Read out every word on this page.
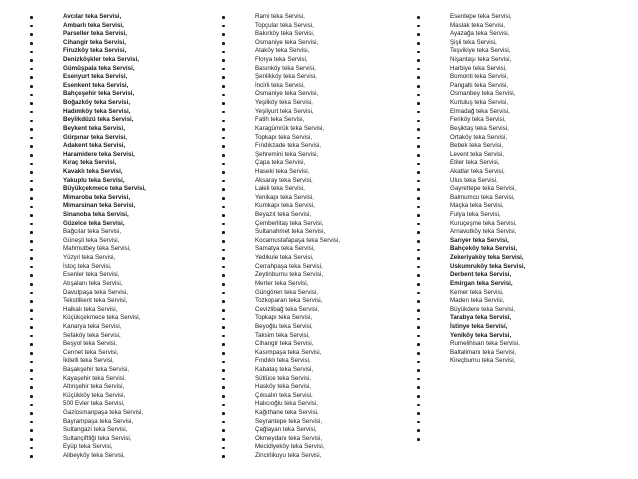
Avcılar teka Servisi,
Ambarlı teka Servisi,
Parseller teka Servisi,
Cihangir teka Servisi,
Firuzköy teka Servisi,
Denizköşkler teka Servisi,
Gümüşpala teka Servisi,
Esenyurt teka Servisi,
Esenkent teka Servisi,
Bahçeşehir teka Servisi,
Boğazköy teka Servisi,
Hadımköy teka Servisi,
Beylikdüzü teka Servisi,
Beykent teka Servisi,
Gürpınar teka Servisi,
Adakent teka Servisi,
Haramidere teka Servisi,
Kıraç teka Servisi,
Kavaklı teka Servisi,
Yakuplu teka Servisi,
Büyükçekmece teka Servisi,
Mimaroba teka Servisi,
Mimarsinan teka Servisi,
Sinanoba teka Servisi,
Güzelce teka Servisi,
Bağcılar teka Servisi,
Güneşli teka Servisi,
Mahmutbey teka Servisi,
Yüzyıl teka Servisi,
İstoç teka Servisi,
Esenler teka Servisi,
Atışalanı teka Servisi,
Davutpaşa teka Servisi,
Tekstilkent teka Servisi,
Halkalı teka Servisi,
Küçükçekmece teka Servisi,
Kanarya teka Servisi,
Sefaköy teka Servisi,
Beşyol teka Servisi,
Cennet teka Servisi,
İkitelli teka Servisi,
Başakşehir teka Servisi,
Kayaşehir teka Servisi,
Altınşehir teka Servisi,
Küçükköy teka Servisi,
500 Evler teka Servisi,
Gaziosmanpaşa teka Servisi,
Bayrampaşa teka Servisi,
Sultangazi teka Servisi,
Sultançiftliği teka Servisi,
Eyüp teka Servisi,
Alibeyköy teka Servisi,
Rami teka Servisi,
Topçular teka Servisi,
Bakırköy teka Servisi,
Osmaniye teka Servisi,
Ataköy teka Servisi,
Florya teka Servisi,
Basınköy teka Servisi,
Şenlikköy teka Servisi,
İncirli teka Servisi,
Osmaniye teka Servisi,
Yeşilköy teka Servisi,
Yeşilyurt teka Servisi,
Fatih teka Servisi,
Karagümrük teka Servisi,
Topkapı teka Servisi,
Fındıkzade teka Servisi,
Şehremini teka Servisi,
Çapa teka Servisi,
Haseki teka Servisi,
Aksaray teka Servisi,
Laleli teka Servisi,
Yenikapı teka Servisi,
Kumkapı teka Servisi,
Beyazıt teka Servisi,
Çemberlitaş teka Servisi,
Sultanahmet teka Servisi,
Kocamustafapaşa teka Servisi,
Samatya teka Servisi,
Yedikule teka Servisi,
Cerrahpaşa teka Servisi,
Zeytinburnu teka Servisi,
Merter teka Servisi,
Güngören teka Servisi,
Tozkoparan teka Servisi,
Cevizlibağ teka Servisi,
Topkapı teka Servisi,
Beyoğlu teka Servisi,
Taksim teka Servisi,
Cihangir teka Servisi,
Kasımpaşa teka Servisi,
Fındıklı teka Servisi,
Kabataş teka Servisi,
Sütlüce teka Servisi,
Hasköy teka Servisi,
Çıksalın teka Servisi,
Halıcıoğlu teka Servisi,
Kağıthane teka Servisi,
Seyrantepe teka Servisi,
Çağlayan teka Servisi,
Okmeydanı teka Servisi,
Mecidiyeköy teka Servisi,
Zincirlikuyu teka Servisi,
Esentepe teka Servisi,
Maslak teka Servisi,
Ayazağa teka Servisi,
Şişli teka Servisi,
Teşvikiye teka Servisi,
Nişantaşı teka Servisi,
Harbiye teka Servisi,
Bomonti teka Servisi,
Pangaltı teka Servisi,
Osmanbey teka Servisi,
Kurtuluş teka Servisi,
Elmadağ teka Servisi,
Feriköy teka Servisi,
Beşiktaş teka Servisi,
Ortaköy teka Servisi,
Bebek teka Servisi,
Levent teka Servisi,
Etiler teka Servisi,
Akatlar teka Servisi,
Ulus teka Servisi,
Gayrettepe teka Servisi,
Balmumcu teka Servisi,
Maçka teka Servisi,
Fulya teka Servisi,
Kuruçeşme teka Servisi,
Arnavutköy teka Servisi,
Sarıyer teka Servisi,
Bahçeköy teka Servisi,
Zekeriyaköy teka Servisi,
Uskumruköy teka Servisi,
Derbent teka Servisi,
Emirgan teka Servisi,
Kemer teka Servisi,
Maden teka Servisi,
Büyükdere teka Servisi,
Tarabya teka Servisi,
İstinye teka Servisi,
Yeniköy teka Servisi,
Rumelihisarı teka Servisi,
Baltalimanı teka Servisi,
Kireçburnu teka Servisi,
